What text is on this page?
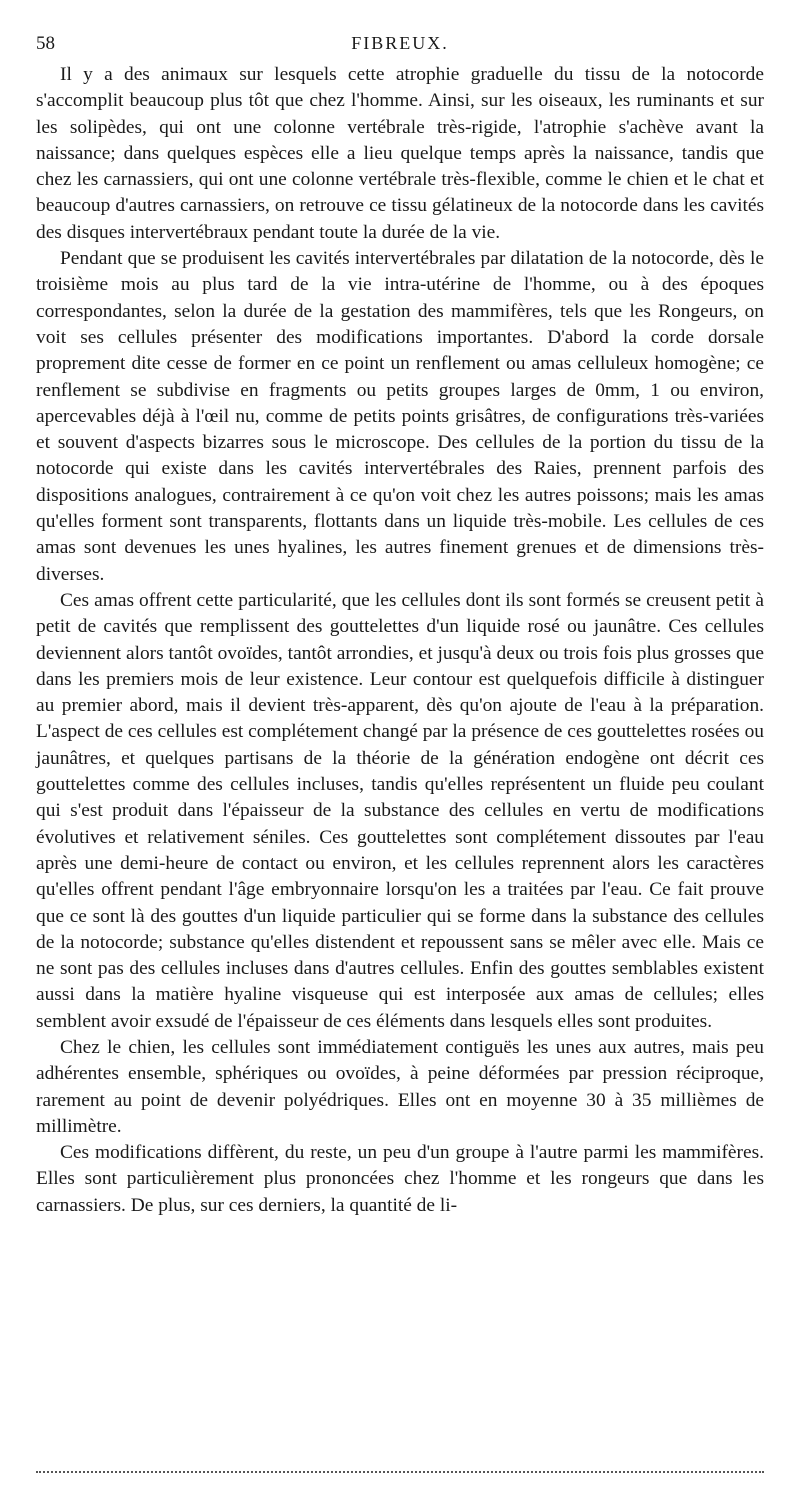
58	FIBREUX.

Il y a des animaux sur lesquels cette atrophie graduelle du tissu de la notocorde s'accomplit beaucoup plus tôt que chez l'homme. Ainsi, sur les oiseaux, les ruminants et sur les solipèdes, qui ont une colonne vertébrale très-rigide, l'atrophie s'achève avant la naissance; dans quelques espèces elle a lieu quelque temps après la naissance, tandis que chez les carnassiers, qui ont une colonne vertébrale très-flexible, comme le chien et le chat et beaucoup d'autres carnassiers, on retrouve ce tissu gélatineux de la notocorde dans les cavités des disques intervertébraux pendant toute la durée de la vie.

Pendant que se produisent les cavités intervertébrales par dilatation de la notocorde, dès le troisième mois au plus tard de la vie intra-utérine de l'homme, ou à des époques correspondantes, selon la durée de la gestation des mammifères, tels que les Rongeurs, on voit ses cellules présenter des modifications importantes. D'abord la corde dorsale proprement dite cesse de former en ce point un renflement ou amas celluleux homogène; ce renflement se subdivise en fragments ou petits groupes larges de 0mm, 1 ou environ, apercevables déjà à l'œil nu, comme de petits points grisâtres, de configurations très-variées et souvent d'aspects bizarres sous le microscope. Des cellules de la portion du tissu de la notocorde qui existe dans les cavités intervertébrales des Raies, prennent parfois des dispositions analogues, contrairement à ce qu'on voit chez les autres poissons; mais les amas qu'elles forment sont transparents, flottants dans un liquide très-mobile. Les cellules de ces amas sont devenues les unes hyalines, les autres finement grenues et de dimensions très-diverses.

Ces amas offrent cette particularité, que les cellules dont ils sont formés se creusent petit à petit de cavités que remplissent des gouttelettes d'un liquide rosé ou jaunâtre. Ces cellules deviennent alors tantôt ovoïdes, tantôt arrondies, et jusqu'à deux ou trois fois plus grosses que dans les premiers mois de leur existence. Leur contour est quelquefois difficile à distinguer au premier abord, mais il devient très-apparent, dès qu'on ajoute de l'eau à la préparation. L'aspect de ces cellules est complétement changé par la présence de ces gouttelettes rosées ou jaunâtres, et quelques partisans de la théorie de la génération endogène ont décrit ces gouttelettes comme des cellules incluses, tandis qu'elles représentent un fluide peu coulant qui s'est produit dans l'épaisseur de la substance des cellules en vertu de modifications évolutives et relativement séniles. Ces gouttelettes sont complétement dissoutes par l'eau après une demi-heure de contact ou environ, et les cellules reprennent alors les caractères qu'elles offrent pendant l'âge embryonnaire lorsqu'on les a traitées par l'eau. Ce fait prouve que ce sont là des gouttes d'un liquide particulier qui se forme dans la substance des cellules de la notocorde; substance qu'elles distendent et repoussent sans se mêler avec elle. Mais ce ne sont pas des cellules incluses dans d'autres cellules. Enfin des gouttes semblables existent aussi dans la matière hyaline visqueuse qui est interposée aux amas de cellules; elles semblent avoir exsudé de l'épaisseur de ces éléments dans lesquels elles sont produites.

Chez le chien, les cellules sont immédiatement contiguës les unes aux autres, mais peu adhérentes ensemble, sphériques ou ovoïdes, à peine déformées par pression réciproque, rarement au point de devenir polyédriques. Elles ont en moyenne 30 à 35 millièmes de millimètre.

Ces modifications diffèrent, du reste, un peu d'un groupe à l'autre parmi les mammifères. Elles sont particulièrement plus prononcées chez l'homme et les rongeurs que dans les carnassiers. De plus, sur ces derniers, la quantité de li-
